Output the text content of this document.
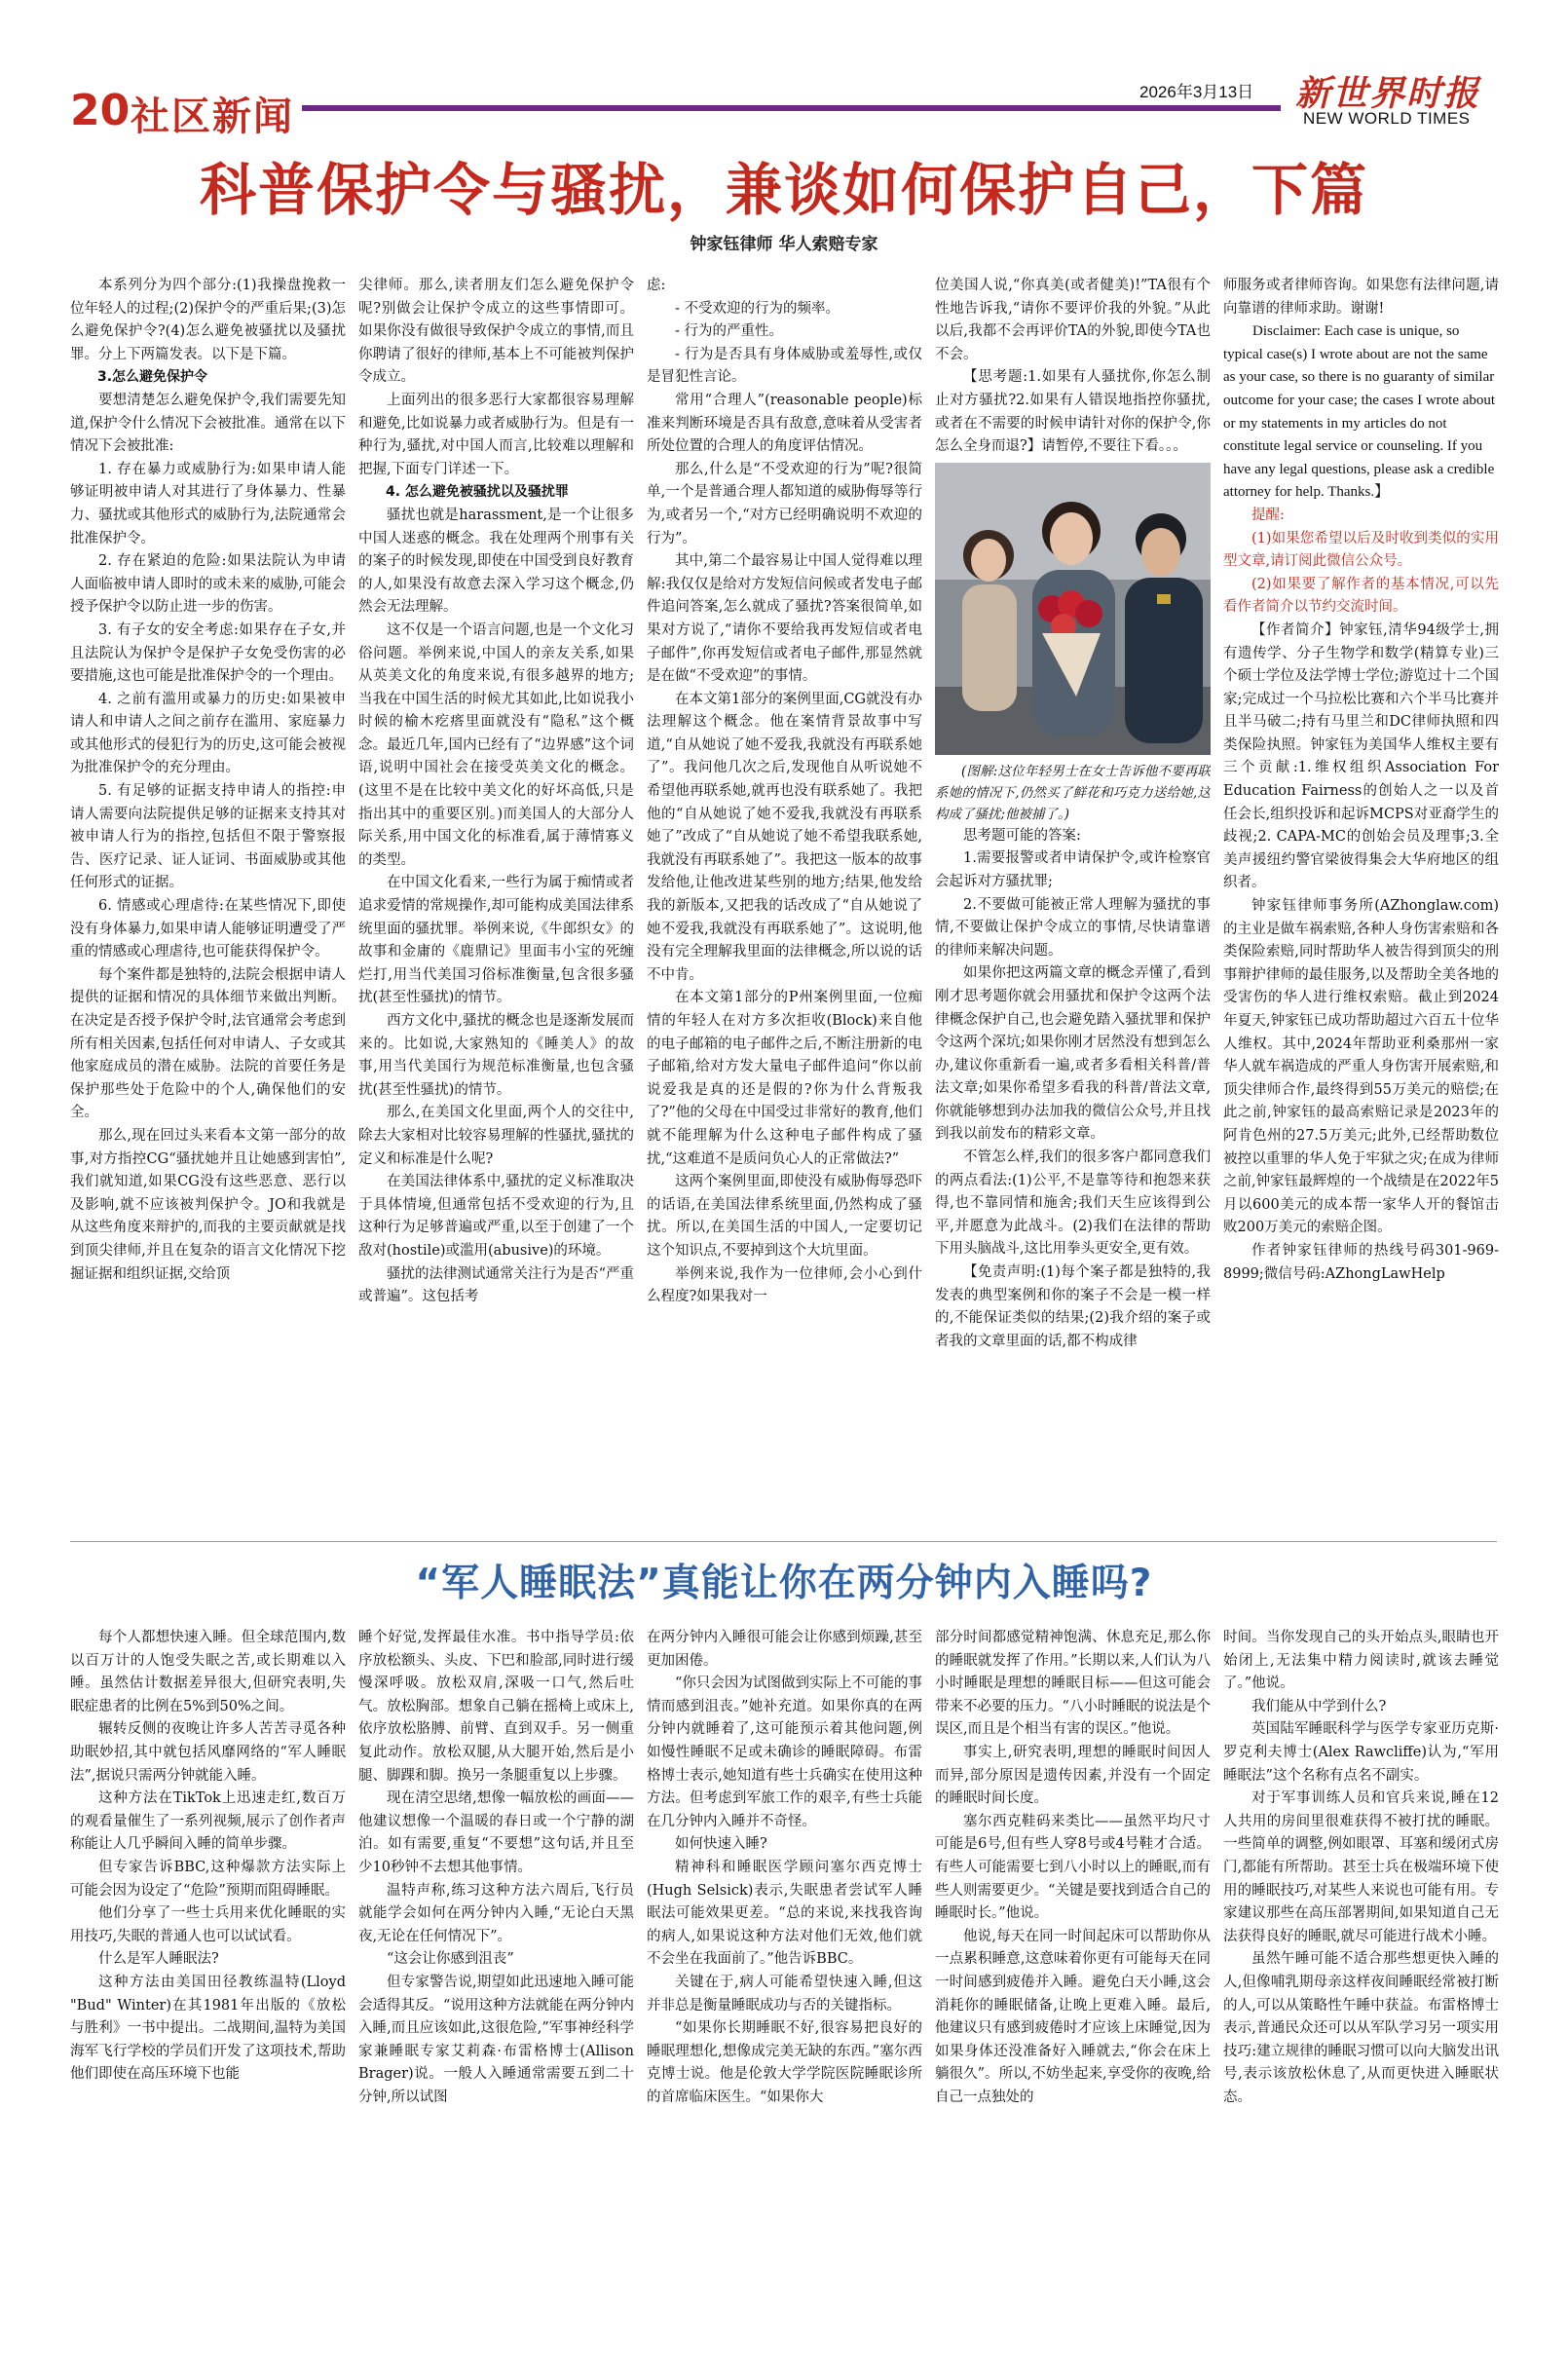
20 社区新闻
2026年3月13日 新世界时报
NEW WORLD TIMES
科普保护令与骚扰，兼谈如何保护自己，下篇
钟家钰律师 华人索赔专家

本系列分为四个部分:(1)我操盘挽救一位年轻人的过程;(2)保护令的严重后果;(3)怎么避免保护令?(4)怎么避免被骚扰以及骚扰罪。分上下两篇发表。以下是下篇。

3.怎么避免保护令

要想清楚怎么避免保护令,我们需要先知道,保护令什么情况下会被批准。通常在以下情况下会被批准:

1. 存在暴力或威胁行为:如果申请人能够证明被申请人对其进行了身体暴力、性暴力、骚扰或其他形式的威胁行为,法院通常会批准保护令。

2. 存在紧迫的危险:如果法院认为申请人面临被申请人即时的或未来的威胁,可能会授予保护令以防止进一步的伤害。

3. 有子女的安全考虑:如果存在子女,并且法院认为保护令是保护子女免受伤害的必要措施,这也可能是批准保护令的一个理由。

4. 之前有滥用或暴力的历史:如果被申请人和申请人之间之前存在滥用、家庭暴力或其他形式的侵犯行为的历史,这可能会被视为批准保护令的充分理由。

5. 有足够的证据支持申请人的指控:申请人需要向法院提供足够的证据来支持其对被申请人行为的指控,包括但不限于警察报告、医疗记录、证人证词、书面威胁或其他任何形式的证据。

6. 情感或心理虐待:在某些情况下,即使没有身体暴力,如果申请人能够证明遭受了严重的情感或心理虐待,也可能获得保护令。

每个案件都是独特的,法院会根据申请人提供的证据和情况的具体细节来做出判断。在决定是否授予保护令时,法官通常会考虑到所有相关因素,包括任何对申请人、子女或其他家庭成员的潜在威胁。法院的首要任务是保护那些处于危险中的个人,确保他们的安全。

那么,现在回过头来看本文第一部分的故事,对方指控CG“骚扰她并且让她感到害怕”,我们就知道,如果CG没有这些恶意、恶行以及影响,就不应该被判保护令。JO和我就是从这些角度来辩护的,而我的主要贡献就是找到顶尖律师,并且在复杂的语言文化情况下挖掘证据和组织证据,交给顶

尖律师。那么,读者朋友们怎么避免保护令呢?别做会让保护令成立的这些事情即可。如果你没有做很导致保护令成立的事情,而且你聘请了很好的律师,基本上不可能被判保护令成立。

上面列出的很多恶行大家都很容易理解和避免,比如说暴力或者威胁行为。但是有一种行为,骚扰,对中国人而言,比较难以理解和把握,下面专门详述一下。

4. 怎么避免被骚扰以及骚扰罪

骚扰也就是harassment,是一个让很多中国人迷惑的概念。我在处理两个刑事有关的案子的时候发现,即使在中国受到良好教育的人,如果没有故意去深入学习这个概念,仍然会无法理解。

这不仅是一个语言问题,也是一个文化习俗问题。举例来说,中国人的亲友关系,如果从英美文化的角度来说,有很多越界的地方;当我在中国生活的时候尤其如此,比如说我小时候的榆木疙瘩里面就没有“隐私”这个概念。最近几年,国内已经有了“边界感”这个词语,说明中国社会在接受英美文化的概念。(这里不是在比较中美文化的好坏高低,只是指出其中的重要区别。)而美国人的大部分人际关系,用中国文化的标准看,属于薄情寡义的类型。

在中国文化看来,一些行为属于痴情或者追求爱情的常规操作,却可能构成美国法律系统里面的骚扰罪。举例来说,《牛郎织女》的故事和金庸的《鹿鼎记》里面韦小宝的死缠烂打,用当代美国习俗标准衡量,包含很多骚扰(甚至性骚扰)的情节。

西方文化中,骚扰的概念也是逐渐发展而来的。比如说,大家熟知的《睡美人》的故事,用当代美国行为规范标准衡量,也包含骚扰(甚至性骚扰)的情节。

那么,在美国文化里面,两个人的交往中,除去大家相对比较容易理解的性骚扰,骚扰的定义和标准是什么呢?

在美国法律体系中,骚扰的定义标准取决于具体情境,但通常包括不受欢迎的行为,且这种行为足够普遍或严重,以至于创建了一个敌对(hostile)或滥用(abusive)的环境。

骚扰的法律测试通常关注行为是否“严重或普遍”。这包括考

虑:

- 不受欢迎的行为的频率。

- 行为的严重性。

- 行为是否具有身体威胁或羞辱性,或仅是冒犯性言论。

常用“合理人”(reasonable people)标准来判断环境是否具有敌意,意味着从受害者所处位置的合理人的角度评估情况。

那么,什么是“不受欢迎的行为”呢?很简单,一个是普通合理人都知道的威胁侮辱等行为,或者另一个,“对方已经明确说明不欢迎的行为”。

其中,第二个最容易让中国人觉得难以理解:我仅仅是给对方发短信问候或者发电子邮件追问答案,怎么就成了骚扰?答案很简单,如果对方说了,“请你不要给我再发短信或者电子邮件”,你再发短信或者电子邮件,那显然就是在做“不受欢迎”的事情。

在本文第1部分的案例里面,CG就没有办法理解这个概念。他在案情背景故事中写道,“自从她说了她不爱我,我就没有再联系她了”。我问他几次之后,发现他自从听说她不希望他再联系她,就再也没有联系她了。我把他的“自从她说了她不爱我,我就没有再联系她了”改成了“自从她说了她不希望我联系她,我就没有再联系她了”。我把这一版本的故事发给他,让他改进某些别的地方;结果,他发给我的新版本,又把我的话改成了“自从她说了她不爱我,我就没有再联系她了”。这说明,他没有完全理解我里面的法律概念,所以说的话不中肯。

在本文第1部分的P州案例里面,一位痴情的年轻人在对方多次拒收(Block)来自他的电子邮箱的电子邮件之后,不断注册新的电子邮箱,给对方发大量电子邮件追问“你以前说爱我是真的还是假的?你为什么背叛我了?”他的父母在中国受过非常好的教育,他们就不能理解为什么这种电子邮件构成了骚扰,“这难道不是质问负心人的正常做法?”

这两个案例里面,即使没有威胁侮辱恐吓的话语,在美国法律系统里面,仍然构成了骚扰。所以,在美国生活的中国人,一定要切记这个知识点,不要掉到这个大坑里面。

举例来说,我作为一位律师,会小心到什么程度?如果我对一

位美国人说,“你真美(或者健美)!”TA很有个性地告诉我,“请你不要评价我的外貌。”从此以后,我都不会再评价TA的外貌,即使今TA也不会。

【思考题:1.如果有人骚扰你,你怎么制止对方骚扰?2.如果有人错误地指控你骚扰,或者在不需要的时候申请针对你的保护令,你怎么全身而退?】请暂停,不要往下看。。。

(图解:这位年轻男士在女士告诉他不要再联系她的情况下,仍然买了鲜花和巧克力送给她,这构成了骚扰;他被捕了。)

思考题可能的答案:

1.需要报警或者申请保护令,或许检察官会起诉对方骚扰罪;

2.不要做可能被正常人理解为骚扰的事情,不要做让保护令成立的事情,尽快请靠谱的律师来解决问题。

如果你把这两篇文章的概念弄懂了,看到刚才思考题你就会用骚扰和保护令这两个法律概念保护自己,也会避免踏入骚扰罪和保护令这两个深坑;如果你刚才居然没有想到怎么办,建议你重新看一遍,或者多看相关科普/普法文章;如果你希望多看我的科普/普法文章,你就能够想到办法加我的微信公众号,并且找到我以前发布的精彩文章。

不管怎么样,我们的很多客户都同意我们的两点看法:(1)公平,不是靠等待和抱怨来获得,也不靠同情和施舍;我们天生应该得到公平,并愿意为此战斗。(2)我们在法律的帮助下用头脑战斗,这比用拳头更安全,更有效。

【免责声明:(1)每个案子都是独特的,我发表的典型案例和你的案子不会是一模一样的,不能保证类似的结果;(2)我介绍的案子或者我的文章里面的话,都不构成律

师服务或者律师咨询。如果您有法律问题,请向靠谱的律师求助。谢谢!

Disclaimer: Each case is unique, so typical case(s) I wrote about are not the same as your case, so there is no guaranty of similar outcome for your case; the cases I wrote about or my statements in my articles do not constitute legal service or counseling. If you have any legal questions, please ask a credible attorney for help. Thanks.】

提醒:

(1)如果您希望以后及时收到类似的实用型文章,请订阅此微信公众号。

(2)如果要了解作者的基本情况,可以先看作者简介以节约交流时间。

【作者简介】钟家钰,清华94级学士,拥有遗传学、分子生物学和数学(精算专业)三个硕士学位及法学博士学位;游览过十二个国家;完成过一个马拉松比赛和六个半马比赛并且半马破二;持有马里兰和DC律师执照和四类保险执照。钟家钰为美国华人维权主要有三个贡献:1.维权组织Association For Education Fairness的创始人之一以及首任会长,组织投诉和起诉MCPS对亚裔学生的歧视;2. CAPA-MC的创始会员及理事;3.全美声援纽约警官梁彼得集会大华府地区的组织者。

钟家钰律师事务所(AZhonglaw.com)的主业是做车祸索赔,各种人身伤害索赔和各类保险索赔,同时帮助华人被告得到顶尖的刑事辩护律师的最佳服务,以及帮助全美各地的受害伤的华人进行维权索赔。截止到2024年夏天,钟家钰已成功帮助超过六百五十位华人维权。其中,2024年帮助亚利桑那州一家华人就车祸造成的严重人身伤害开展索赔,和顶尖律师合作,最终得到55万美元的赔偿;在此之前,钟家钰的最高索赔记录是2023年的阿肯色州的27.5万美元;此外,已经帮助数位被控以重罪的华人免于牢狱之灾;在成为律师之前,钟家钰最辉煌的一个战绩是在2022年5月以600美元的成本帮一家华人开的餐馆击败200万美元的索赔企图。

作者钟家钰律师的热线号码301-969-8999;微信号码:AZhongLawHelp

“军人睡眠法”真能让你在两分钟内入睡吗?

每个人都想快速入睡。但全球范围内,数以百万计的人饱受失眠之苦,或长期难以入睡。虽然估计数据差异很大,但研究表明,失眠症患者的比例在5%到50%之间。

辗转反侧的夜晚让许多人苦苦寻觅各种助眠妙招,其中就包括风靡网络的“军人睡眠法”,据说只需两分钟就能入睡。

这种方法在TikTok上迅速走红,数百万的观看量催生了一系列视频,展示了创作者声称能让人几乎瞬间入睡的简单步骤。

但专家告诉BBC,这种爆款方法实际上可能会因为设定了“危险”预期而阻碍睡眠。

他们分享了一些士兵用来优化睡眠的实用技巧,失眠的普通人也可以试试看。

什么是军人睡眠法?

这种方法由美国田径教练温特(Lloyd "Bud" Winter)在其1981年出版的《放松与胜利》一书中提出。二战期间,温特为美国海军飞行学校的学员们开发了这项技术,帮助他们即使在高压环境下也能

睡个好觉,发挥最佳水准。书中指导学员:依序放松额头、头皮、下巴和脸部,同时进行缓慢深呼吸。放松双肩,深吸一口气,然后吐气。放松胸部。想象自己躺在摇椅上或床上,依序放松胳膊、前臂、直到双手。另一侧重复此动作。放松双腿,从大腿开始,然后是小腿、脚踝和脚。换另一条腿重复以上步骤。

现在清空思绪,想像一幅放松的画面——他建议想像一个温暖的春日或一个宁静的湖泊。如有需要,重复“不要想”这句话,并且至少10秒钟不去想其他事情。

温特声称,练习这种方法六周后,飞行员就能学会如何在两分钟内入睡,“无论白天黑夜,无论在任何情况下”。

“这会让你感到沮丧”

但专家警告说,期望如此迅速地入睡可能会适得其反。“说用这种方法就能在两分钟内入睡,而且应该如此,这很危险,”军事神经科学家兼睡眠专家艾莉森·布雷格博士(Allison Brager)说。一般人入睡通常需要五到二十分钟,所以试图

在两分钟内入睡很可能会让你感到烦躁,甚至更加困倦。

“你只会因为试图做到实际上不可能的事情而感到沮丧。”她补充道。如果你真的在两分钟内就睡着了,这可能预示着其他问题,例如慢性睡眠不足或未确诊的睡眠障碍。布雷格博士表示,她知道有些士兵确实在使用这种方法。但考虑到军旅工作的艰辛,有些士兵能在几分钟内入睡并不奇怪。

如何快速入睡?

精神科和睡眠医学顾问塞尔西克博士(Hugh Selsick)表示,失眠患者尝试军人睡眠法可能效果更差。“总的来说,来找我咨询的病人,如果说这种方法对他们无效,他们就不会坐在我面前了。”他告诉BBC。

关键在于,病人可能希望快速入睡,但这并非总是衡量睡眠成功与否的关键指标。

“如果你长期睡眠不好,很容易把良好的睡眠理想化,想像成完美无缺的东西。”塞尔西克博士说。他是伦敦大学学院医院睡眠诊所的首席临床医生。“如果你大

部分时间都感觉精神饱满、休息充足,那么你的睡眠就发挥了作用。”长期以来,人们认为八小时睡眠是理想的睡眠目标——但这可能会带来不必要的压力。“八小时睡眠的说法是个误区,而且是个相当有害的误区。”他说。

事实上,研究表明,理想的睡眠时间因人而异,部分原因是遗传因素,并没有一个固定的睡眠时间长度。

塞尔西克鞋码来类比——虽然平均尺寸可能是6号,但有些人穿8号或4号鞋才合适。有些人可能需要七到八小时以上的睡眠,而有些人则需要更少。“关键是要找到适合自己的睡眠时长。”他说。

他说,每天在同一时间起床可以帮助你从一点累积睡意,这意味着你更有可能每天在同一时间感到疲倦并入睡。避免白天小睡,这会消耗你的睡眠储备,让晚上更难入睡。最后,他建议只有感到疲倦时才应该上床睡觉,因为如果身体还没准备好入睡就去,“你会在床上躺很久”。所以,不妨坐起来,享受你的夜晚,给自己一点独处的

时间。当你发现自己的头开始点头,眼睛也开始闭上,无法集中精力阅读时,就该去睡觉了。”他说。

我们能从中学到什么?

英国陆军睡眠科学与医学专家亚历克斯·罗克利夫博士(Alex Rawcliffe)认为,“军用睡眠法”这个名称有点名不副实。

对于军事训练人员和官兵来说,睡在12人共用的房间里很难获得不被打扰的睡眠。一些简单的调整,例如眼罩、耳塞和缓闭式房门,都能有所帮助。甚至士兵在极端环境下使用的睡眠技巧,对某些人来说也可能有用。专家建议那些在高压部署期间,如果知道自己无法获得良好的睡眠,就尽可能进行战术小睡。

虽然午睡可能不适合那些想更快入睡的人,但像哺乳期母亲这样夜间睡眠经常被打断的人,可以从策略性午睡中获益。布雷格博士表示,普通民众还可以从军队学习另一项实用技巧:建立规律的睡眠习惯可以向大脑发出讯号,表示该放松休息了,从而更快进入睡眠状态。
